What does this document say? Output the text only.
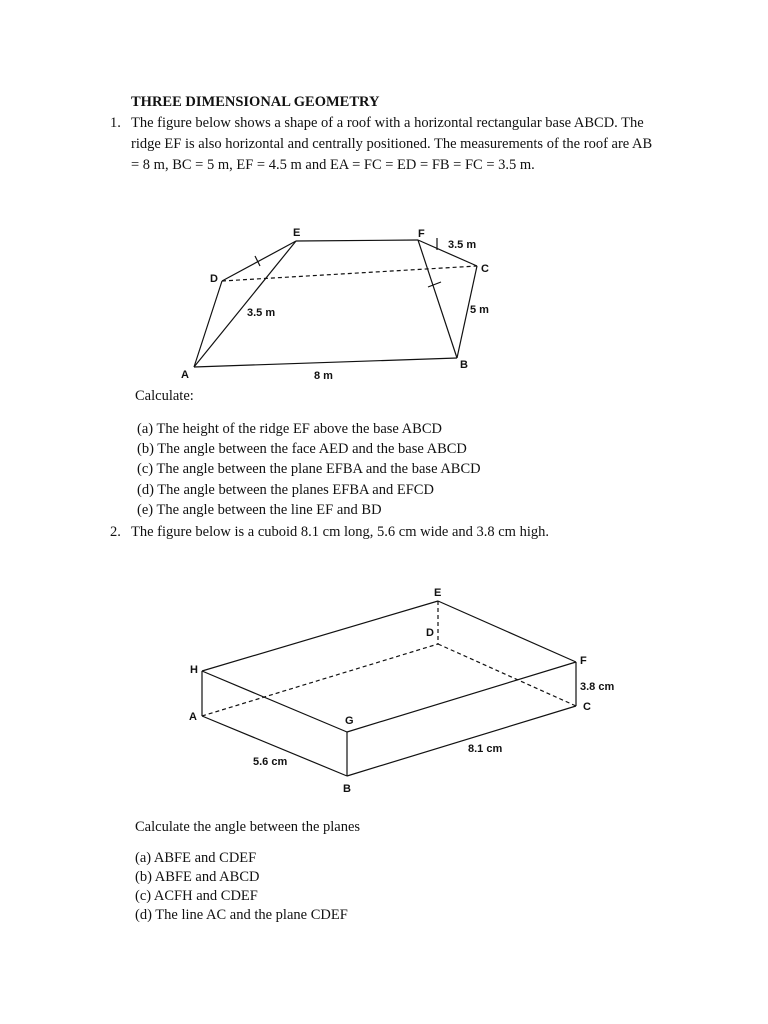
THREE DIMENSIONAL GEOMETRY
1. The figure below shows a shape of a roof with a horizontal rectangular base ABCD. The
ridge EF is also horizontal and centrally positioned. The measurements of the roof are AB
= 8 m, BC = 5 m, EF = 4.5 m and EA = FC = ED = FB = FC = 3.5 m.
E	F
D
C
A
B
3.5 m
3.5 m
5 m
8 m
Calculate:
(a) The height of the ridge EF above the base ABCD
(b) The angle between the face AED and the base ABCD
(c) The angle between the plane EFBA and the base ABCD
(d) The angle between the planes EFBA and EFCD
(e) The angle between the line EF and BD
2. The figure below is a cuboid 8.1 cm long, 5.6 cm wide and 3.8 cm high.
E
D
H
F
A	G
C
B
3.8 cm
8.1 cm
5.6 cm
Calculate the angle between the planes
(a) ABFE and CDEF
(b) ABFE and ABCD
(c) ACFH and CDEF
(d) The line AC and the plane CDEF
